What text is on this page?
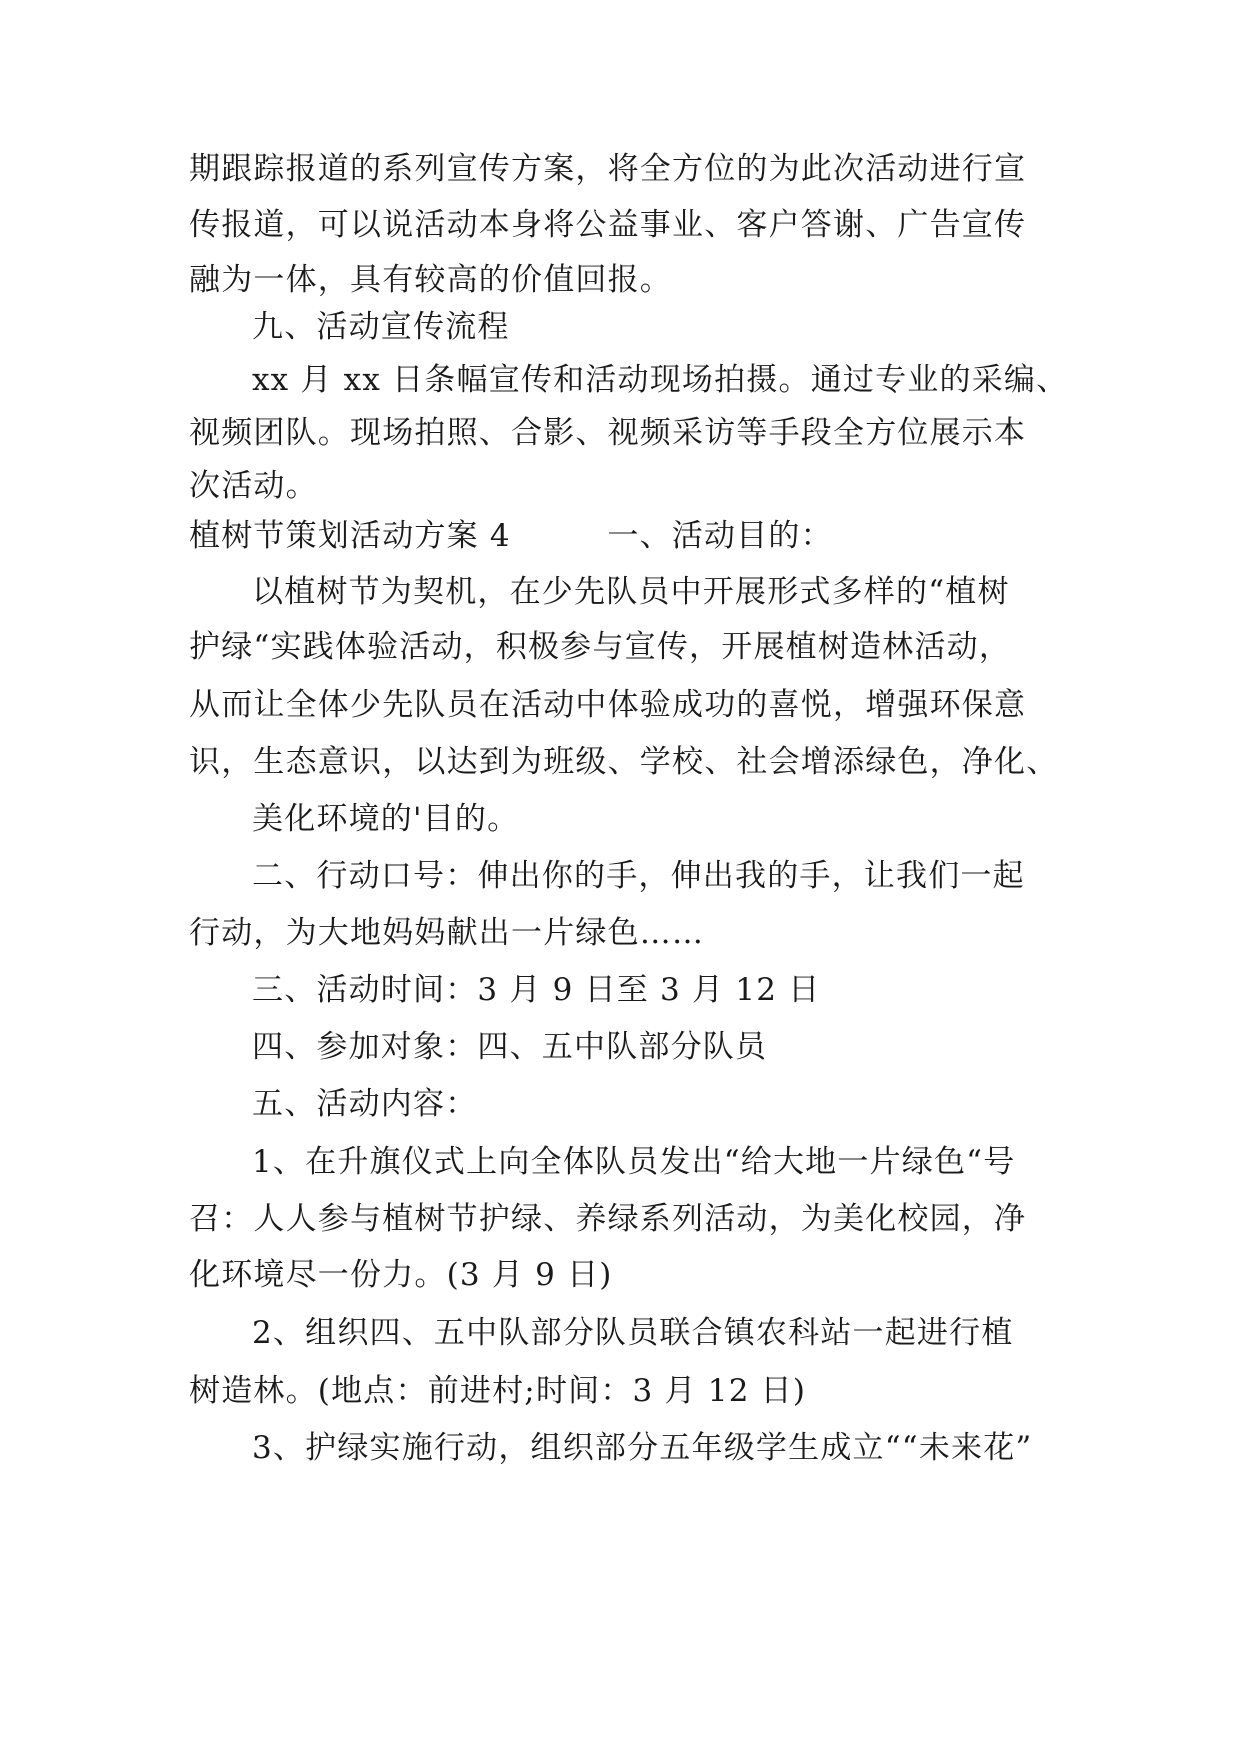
期跟踪报道的系列宣传方案，将全方位的为此次活动进行宣
传报道，可以说活动本身将公益事业、客户答谢、广告宣传
融为一体，具有较高的价值回报。
九、活动宣传流程
xx 月 xx 日条幅宣传和活动现场拍摄。通过专业的采编、
视频团队。现场拍照、合影、视频采访等手段全方位展示本
次活动。
植树节策划活动方案 4　　　一、活动目的：
以植树节为契机，在少先队员中开展形式多样的“植树
护绿“实践体验活动，积极参与宣传，开展植树造林活动，
从而让全体少先队员在活动中体验成功的喜悦，增强环保意
识，生态意识，以达到为班级、学校、社会增添绿色，净化、
美化环境的'目的。
二、行动口号：伸出你的手，伸出我的手，让我们一起
行动，为大地妈妈献出一片绿色……
三、活动时间：3 月 9 日至 3 月 12 日
四、参加对象：四、五中队部分队员
五、活动内容：
1、在升旗仪式上向全体队员发出“给大地一片绿色“号
召：人人参与植树节护绿、养绿系列活动，为美化校园，净
化环境尽一份力。(3 月 9 日)
2、组织四、五中队部分队员联合镇农科站一起进行植
树造林。(地点：前进村;时间：3 月 12 日)
3、护绿实施行动，组织部分五年级学生成立““未来花”
